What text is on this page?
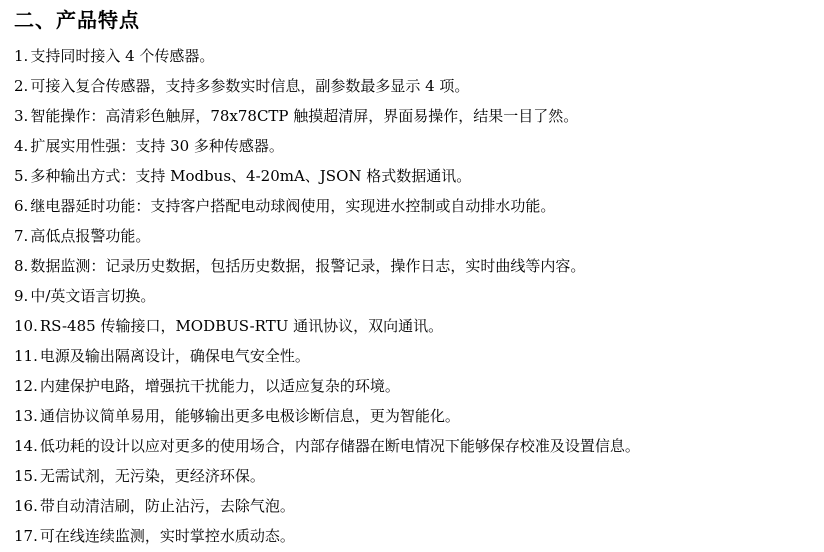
二、产品特点
1. 支持同时接入 4 个传感器。
2. 可接入复合传感器，支持多参数实时信息，副参数最多显示 4 项。
3. 智能操作：高清彩色触屏，78x78CTP 触摸超清屏，界面易操作，结果一目了然。
4. 扩展实用性强：支持 30 多种传感器。
5. 多种输出方式：支持 Modbus、4-20mA、JSON 格式数据通讯。
6. 继电器延时功能：支持客户搭配电动球阀使用，实现进水控制或自动排水功能。
7. 高低点报警功能。
8. 数据监测：记录历史数据，包括历史数据，报警记录，操作日志，实时曲线等内容。
9. 中/英文语言切换。
10. RS-485 传输接口，MODBUS-RTU 通讯协议，双向通讯。
11. 电源及输出隔离设计，确保电气安全性。
12. 内建保护电路，增强抗干扰能力，以适应复杂的环境。
13. 通信协议简单易用，能够输出更多电极诊断信息，更为智能化。
14. 低功耗的设计以应对更多的使用场合，内部存储器在断电情况下能够保存校准及设置信息。
15. 无需试剂，无污染，更经济环保。
16. 带自动清洁刷，防止沾污，去除气泡。
17. 可在线连续监测，实时掌控水质动态。
